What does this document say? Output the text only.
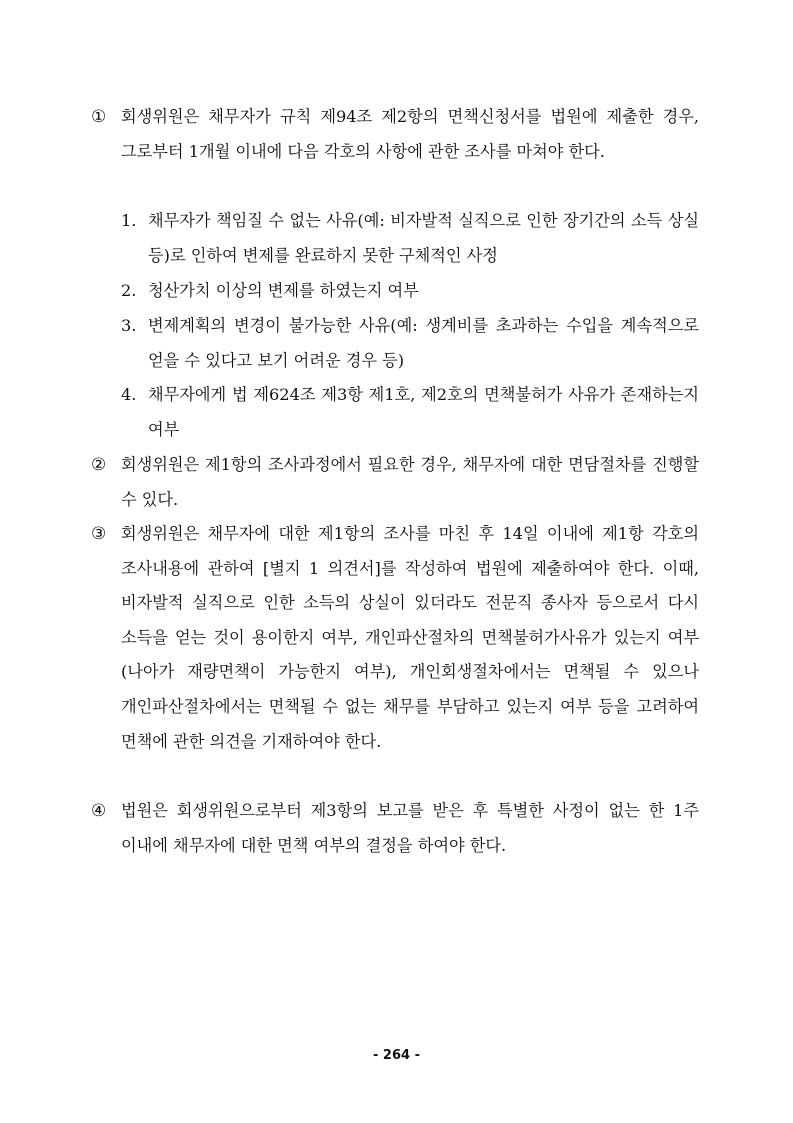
① 회생위원은 채무자가 규칙 제94조 제2항의 면책신청서를 법원에 제출한 경우, 그로부터 1개월 이내에 다음 각호의 사항에 관한 조사를 마쳐야 한다.
1. 채무자가 책임질 수 없는 사유(예: 비자발적 실직으로 인한 장기간의 소득 상실 등)로 인하여 변제를 완료하지 못한 구체적인 사정
2. 청산가치 이상의 변제를 하였는지 여부
3. 변제계획의 변경이 불가능한 사유(예: 생계비를 초과하는 수입을 계속적으로 얻을 수 있다고 보기 어려운 경우 등)
4. 채무자에게 법 제624조 제3항 제1호, 제2호의 면책불허가 사유가 존재하는지 여부
② 회생위원은 제1항의 조사과정에서 필요한 경우, 채무자에 대한 면담절차를 진행할 수 있다.
③ 회생위원은 채무자에 대한 제1항의 조사를 마친 후 14일 이내에 제1항 각호의 조사내용에 관하여 [별지 1 의견서]를 작성하여 법원에 제출하여야 한다. 이때, 비자발적 실직으로 인한 소득의 상실이 있더라도 전문직 종사자 등으로서 다시 소득을 얻는 것이 용이한지 여부, 개인파산절차의 면책불허가사유가 있는지 여부(나아가 재량면책이 가능한지 여부), 개인회생절차에서는 면책될 수 있으나 개인파산절차에서는 면책될 수 없는 채무를 부담하고 있는지 여부 등을 고려하여 면책에 관한 의견을 기재하여야 한다.
④ 법원은 회생위원으로부터 제3항의 보고를 받은 후 특별한 사정이 없는 한 1주 이내에 채무자에 대한 면책 여부의 결정을 하여야 한다.
- 264 -
